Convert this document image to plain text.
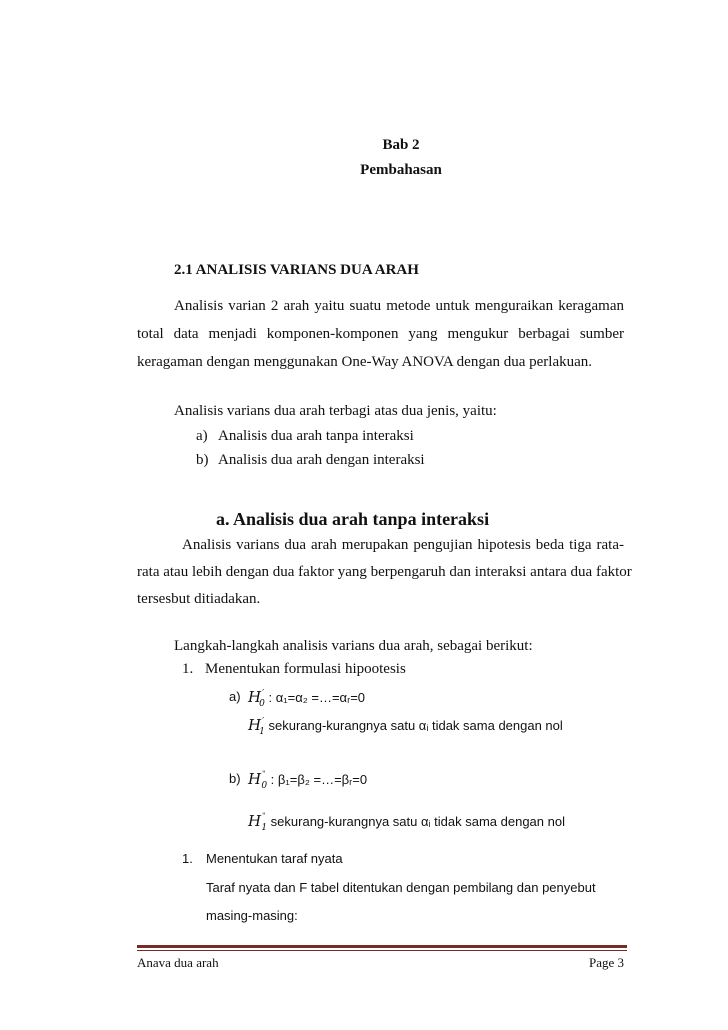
Bab 2
Pembahasan
2.1 ANALISIS VARIANS DUA ARAH
Analisis varian 2 arah yaitu suatu metode untuk menguraikan keragaman
total data menjadi komponen-komponen yang mengukur berbagai sumber
keragaman dengan menggunakan One-Way ANOVA dengan dua perlakuan.
Analisis varians dua arah terbagi atas dua jenis, yaitu:
a) Analisis dua arah tanpa interaksi
b) Analisis dua arah dengan interaksi
a. Analisis dua arah tanpa interaksi
Analisis varians dua arah merupakan pengujian hipotesis beda tiga rata-
rata atau lebih dengan dua faktor yang berpengaruh dan interaksi antara dua faktor
tersesbut ditiadakan.
Langkah-langkah analisis varians dua arah, sebagai berikut:
1. Menentukan formulasi hipootesis
a) $H'_0$ : α₁=α₂ =…=αᵣ=0
$H'_1$ sekurang-kurangnya satu αᵢ tidak sama dengan nol
b) $H^"_0$ : β₁=β₂ =…=βᵣ=0
$H^"_1$ sekurang-kurangnya satu αᵢ tidak sama dengan nol
1. Menentukan taraf nyata
Taraf nyata dan F tabel ditentukan dengan pembilang dan penyebut
masing-masing:
Anava dua arah	Page 3
